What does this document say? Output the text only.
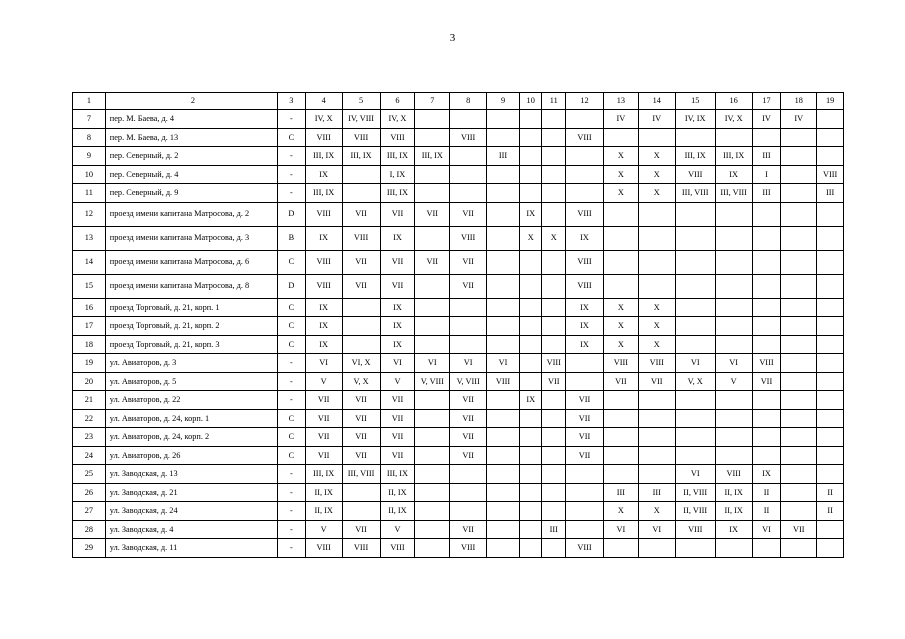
3
1	2	3	4	5	6	7	8	9	10	11	12	13	14	15	16	17	18	19
7	пер. М. Баева, д. 4	-	IV, X	IV, VIII	IV, X							IV	IV	IV, IX	IV, X	IV	IV	
8	пер. М. Баева, д. 13	C	VIII	VIII	VIII		VIII				VIII							
9	пер. Северный, д. 2	-	III, IX	III, IX	III, IX	III, IX		III				X	X	III, IX	III, IX	III		
10	пер. Северный, д. 4	-	IX		I, IX							X	X	VIII	IX	I		VIII
11	пер. Северный, д. 9	-	III, IX		III, IX							X	X	III, VIII	III, VIII	III		III
12	проезд имени капитана Матросова, д. 2	D	VIII	VII	VII	VII	VII		IX		VIII							
13	проезд имени капитана Матросова, д. 3	B	IX	VIII	IX		VIII		X	X	IX							
14	проезд имени капитана Матросова, д. 6	C	VIII	VII	VII	VII	VII				VIII							
15	проезд имени капитана Матросова, д. 8	D	VIII	VII	VII		VII				VIII							
16	проезд Торговый, д. 21, корп. 1	C	IX		IX						IX	X	X					
17	проезд Торговый, д. 21, корп. 2	C	IX		IX						IX	X	X					
18	проезд Торговый, д. 21, корп. 3	C	IX		IX						IX	X	X					
19	ул. Авиаторов, д. 3	-	VI	VI, X	VI	VI	VI	VI		VIII		VIII	VIII	VI	VI	VIII		
20	ул. Авиаторов, д. 5	-	V	V, X	V	V, VIII	V, VIII	VIII		VII		VII	VII	V, X	V	VII		
21	ул. Авиаторов, д. 22	-	VII	VII	VII		VII		IX		VII							
22	ул. Авиаторов, д. 24, корп. 1	C	VII	VII	VII		VII				VII							
23	ул. Авиаторов, д. 24, корп. 2	C	VII	VII	VII		VII				VII							
24	ул. Авиаторов, д. 26	C	VII	VII	VII		VII				VII							
25	ул. Заводская, д. 13	-	III, IX	III, VIII	III, IX									VI	VIII	IX		
26	ул. Заводская, д. 21	-	II, IX		II, IX							III	III	II, VIII	II, IX	II		II
27	ул. Заводская, д. 24	-	II, IX		II, IX							X	X	II, VIII	II, IX	II		II
28	ул. Заводская, д. 4	-	V	VII	V		VII			III		VI	VI	VIII	IX	VI	VII	
29	ул. Заводская, д. 11	-	VIII	VIII	VIII		VIII				VIII							
